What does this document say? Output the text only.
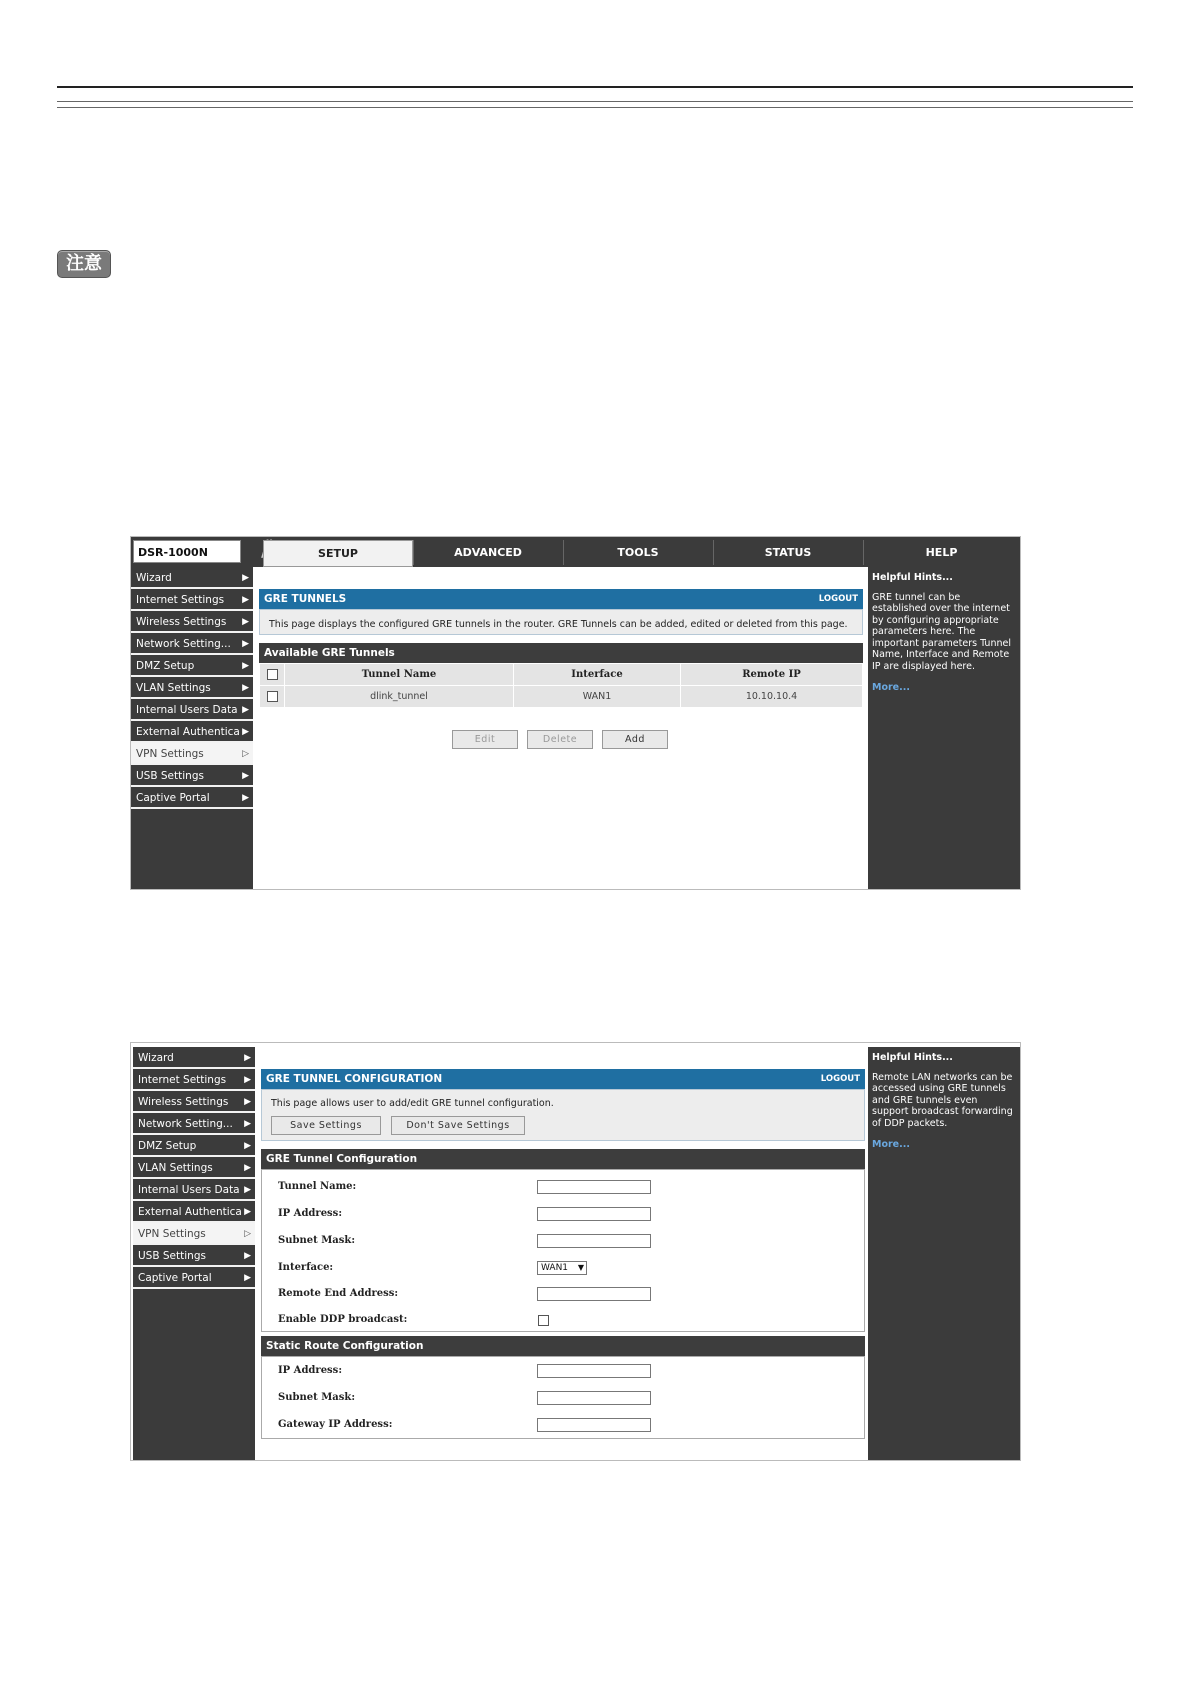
注意
DSR-1000N	SETUP	ADVANCED	TOOLS	STATUS	HELP
Wizard	▶
Internet Settings ▶
Wireless Settings ▶
Network Setting... ▶
DMZ Setup	▶
VLAN Settings	▶
Internal Users Data ▶
External Authentica ▶
VPN Settings	▷
USB Settings	▶
Captive Portal	▶
GRE TUNNELS	LOGOUT
This page displays the configured GRE tunnels in the router. GRE Tunnels can be added, edited or deleted from this page.
Available GRE Tunnels
	Tunnel Name	Interface	Remote IP
	dlink_tunnel	WAN1	10.10.10.4
Edit	Delete	Add
Helpful Hints...
GRE tunnel can be established over the internet by configuring appropriate parameters here. The important parameters Tunnel Name, Interface and Remote IP are displayed here.
More...
Wizard	▶
Internet Settings ▶
Wireless Settings ▶
Network Setting... ▶
DMZ Setup	▶
VLAN Settings	▶
Internal Users Data ▶
External Authentica ▶
VPN Settings	▷
USB Settings	▶
Captive Portal	▶
GRE TUNNEL CONFIGURATION	LOGOUT
This page allows user to add/edit GRE tunnel configuration.
Save Settings	Don't Save Settings
GRE Tunnel Configuration
Tunnel Name:
IP Address:
Subnet Mask:
Interface:	WAN1 ▼
Remote End Address:
Enable DDP broadcast:
Static Route Configuration
IP Address:
Subnet Mask:
Gateway IP Address:
Helpful Hints...
Remote LAN networks can be accessed using GRE tunnels and GRE tunnels even support broadcast forwarding of DDP packets.
More...
